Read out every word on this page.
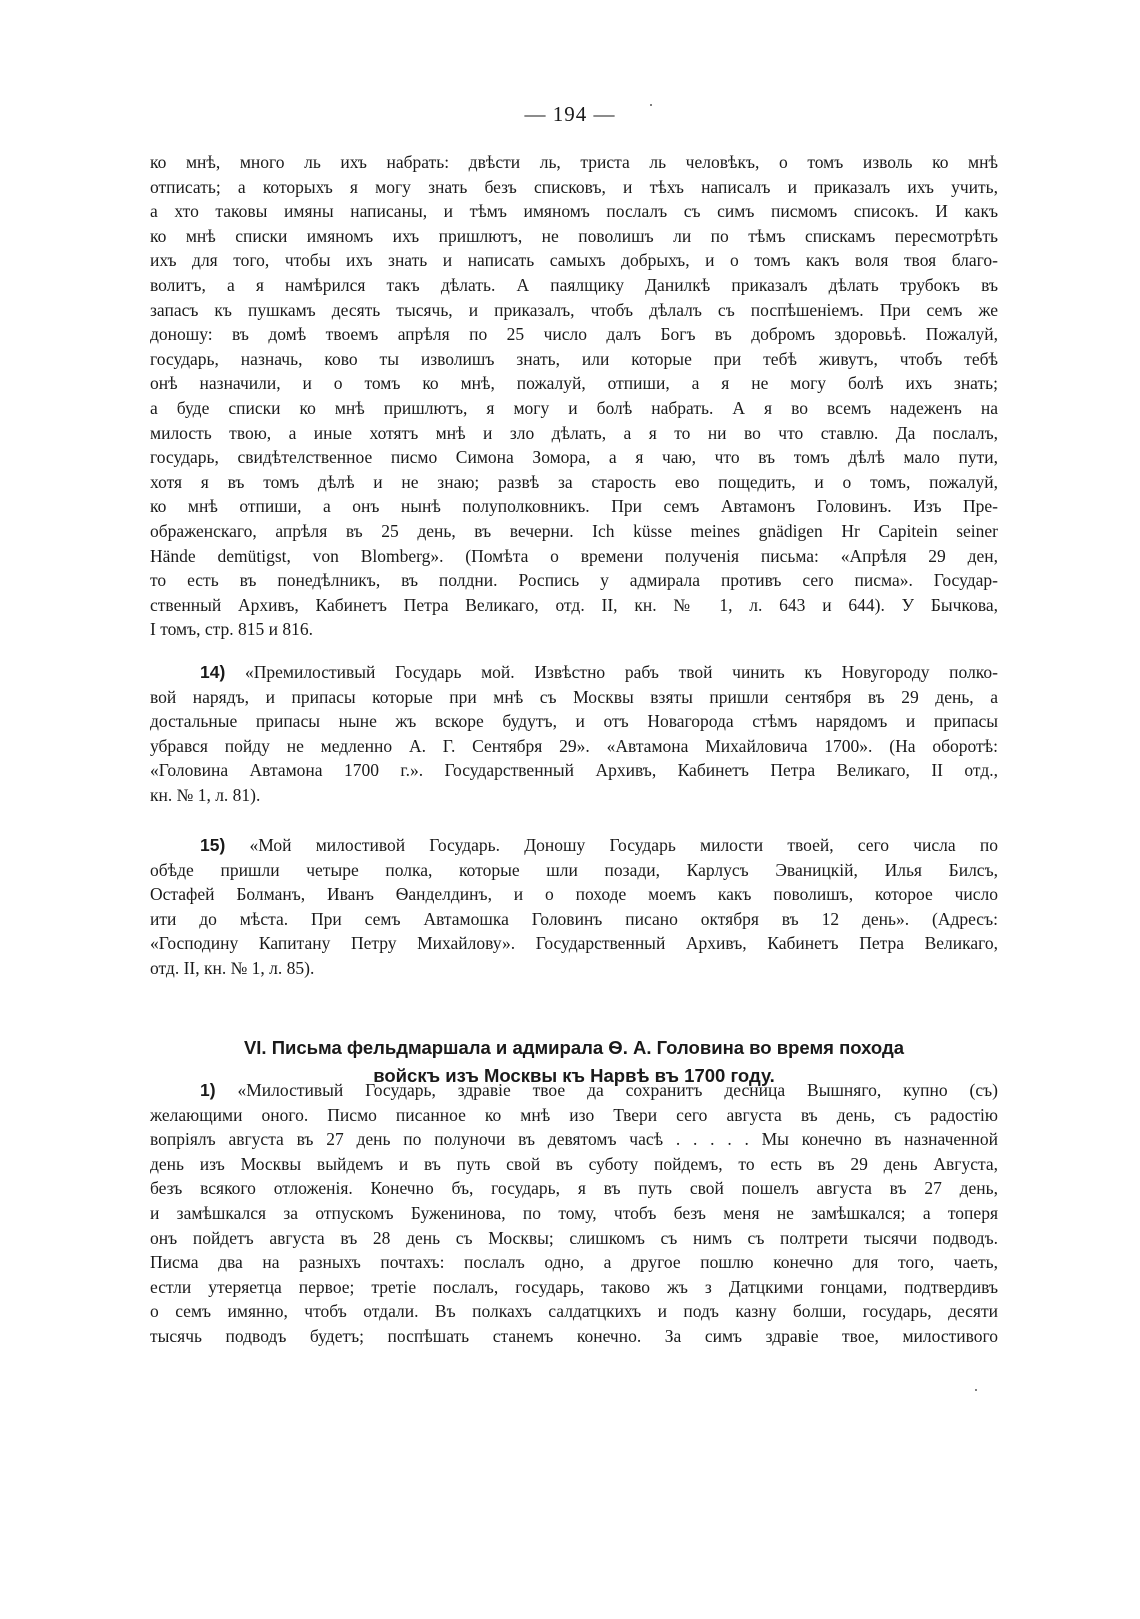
— 194 —
ко мнѣ, много ль ихъ набрать: двѣсти ль, триста ль человѣкъ, о томъ изволь ко мнѣ
отписать; а которыхъ я могу знать безъ списковъ, и тѣхъ написалъ и приказалъ ихъ учить,
а хто таковы имяны написаны, и тѣмъ имяномъ послалъ съ симъ писмомъ списокъ. И какъ
ко мнѣ списки имяномъ ихъ пришлютъ, не поволишъ ли по тѣмъ спискамъ пересмотрѣть
ихъ для того, чтобы ихъ знать и написать самыхъ добрыхъ, и о томъ какъ воля твоя благо-
волитъ, а я намѣрился такъ дѣлать. А паялщику Данилкѣ приказалъ дѣлать трубокъ въ
запасъ къ пушкамъ десять тысячь, и приказалъ, чтобъ дѣлалъ съ поспѣшеніемъ. При семъ же
доношу: въ домѣ твоемъ апрѣля по 25 число далъ Богъ въ добромъ здоровьѣ. Пожалуй,
государь, назначь, ково ты изволишъ знать, или которые при тебѣ живутъ, чтобъ тебѣ
онѣ назначили, и о томъ ко мнѣ, пожалуй, отпиши, а я не могу болѣ ихъ знать;
а буде списки ко мнѣ пришлютъ, я могу и болѣ набрать. А я во всемъ надеженъ на
милость твою, а иные хотятъ мнѣ и зло дѣлать, а я то ни во что ставлю. Да послалъ,
государь, свидѣтелственное писмо Симона Зомора, а я чаю, что въ томъ дѣлѣ мало пути,
хотя я въ томъ дѣлѣ и не знаю; развѣ за старость ево пощедить, и о томъ, пожалуй,
ко мнѣ отпиши, а онъ нынѣ полуполковникъ. При семъ Автамонъ Головинъ. Изъ Пре-
ображенскаго, апрѣля въ 25 день, въ вечерни. Ich küsse meines gnädigen Hr Capitein seiner
Hände demütigst, von Blomberg». (Помѣта о времени полученія письма: «Апрѣля 29 ден,
то есть въ понедѣлникъ, въ полдни. Роспись у адмирала противъ сего писма». Государ-
ственный Архивъ, Кабинетъ Петра Великаго, отд. II, кн. № 1, л. 643 и 644). У Бычкова,
I томъ, стр. 815 и 816.
14) «Премилостивый Государь мой. Извѣстно рабъ твой чинить къ Новугороду полко-
вой нарядъ, и припасы которые при мнѣ съ Москвы взяты пришли сентября въ 29 день, а
достальные припасы ныне жъ вскоре будутъ, и отъ Новагорода стѣмъ нарядомъ и припасы
убрався пойду не медленно А. Г. Сентября 29». «Автамона Михайловича 1700». (На оборотѣ:
«Головина Автамона 1700 г.». Государственный Архивъ, Кабинетъ Петра Великаго, II отд.,
кн. № 1, л. 81).
15) «Мой милостивой Государь. Доношу Государь милости твоей, сего числа по
обѣде пришли четыре полка, которые шли позади, Карлусъ Эваницкій, Илья Билсъ,
Остафей Болманъ, Иванъ Ѳанделдинъ, и о походе моемъ какъ поволишъ, которое число
ити до мѣста. При семъ Автамошка Головинъ писано октября въ 12 день». (Адресъ:
«Господину Капитану Петру Михайлову». Государственный Архивъ, Кабинетъ Петра Великаго,
отд. II, кн. № 1, л. 85).
VI. Письма фельдмаршала и адмирала Ѳ. А. Головина во время похода
войскъ изъ Москвы къ Нарвѣ въ 1700 году.
1) «Милостивый Государь, здравіе твое да сохранитъ десница Вышняго, купно (съ)
желающими оного. Писмо писанное ко мнѣ изо Твери сего августа въ день, съ радостію
вопріялъ августа въ 27 день по полуночи въ девятомъ часѣ . . . . . Мы конечно въ назначенной
день изъ Москвы выйдемъ и въ путь свой въ суботу пойдемъ, то есть въ 29 день Августа,
безъ всякого отложенія. Конечно бъ, государь, я въ путь свой пошелъ августа въ 27 день,
и замѣшкался за отпускомъ Буженинова, по тому, чтобъ безъ меня не замѣшкался; а топеря
онъ пойдетъ августа въ 28 день съ Москвы; слишкомъ съ нимъ съ полтрети тысячи подводъ.
Писма два на разныхъ почтахъ: послалъ одно, а другое пошлю конечно для того, чаеть,
естли утеряетца первое; третіе послалъ, государь, таково жъ з Датцкими гонцами, подтвердивъ
о семъ имянно, чтобъ отдали. Въ полкахъ салдатцкихъ и подъ казну болши, государь, десяти
тысячь подводъ будетъ; поспѣшать станемъ конечно. За симъ здравіе твое, милостивого
